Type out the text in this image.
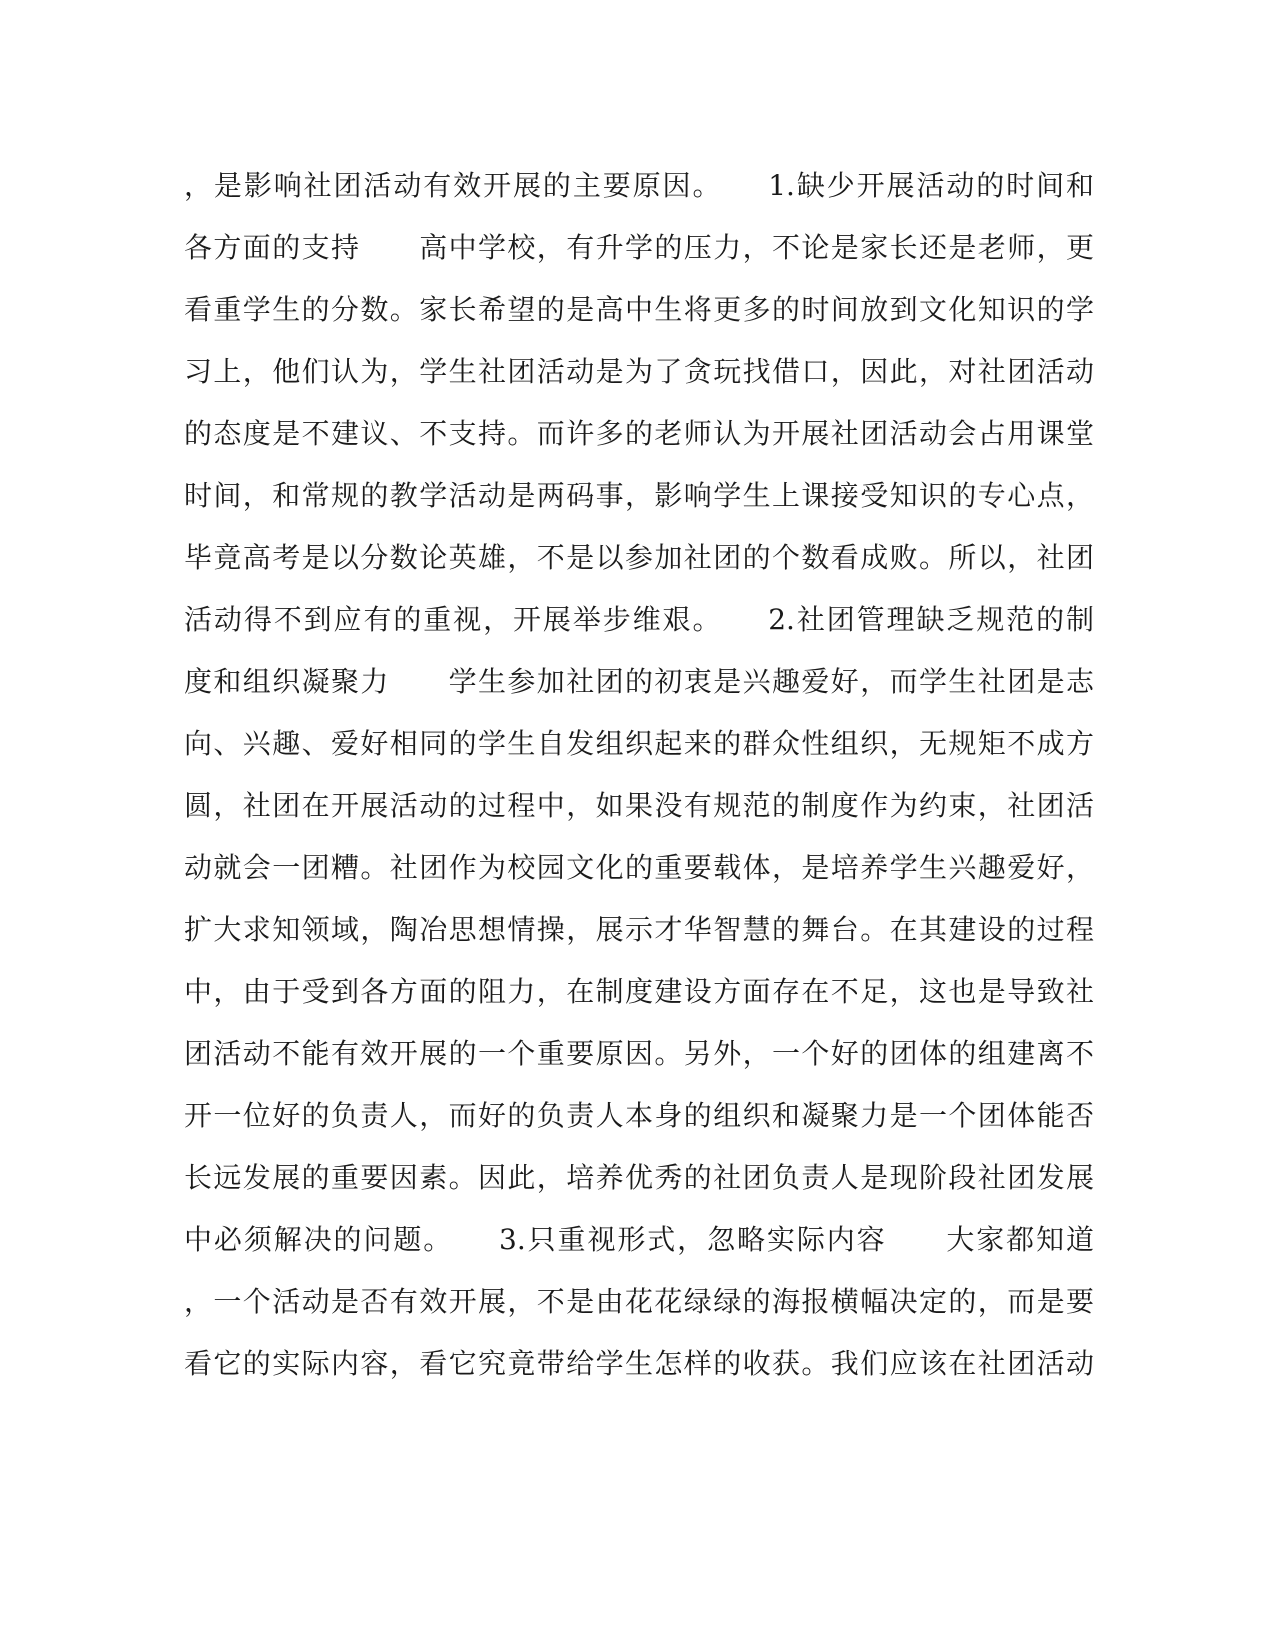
，是影响社团活动有效开展的主要原因。　　1.缺少开展活动的时间和
各方面的支持　　高中学校，有升学的压力，不论是家长还是老师，更
看重学生的分数。家长希望的是高中生将更多的时间放到文化知识的学
习上，他们认为，学生社团活动是为了贪玩找借口，因此，对社团活动
的态度是不建议、不支持。而许多的老师认为开展社团活动会占用课堂
时间，和常规的教学活动是两码事，影响学生上课接受知识的专心点，
毕竟高考是以分数论英雄，不是以参加社团的个数看成败。所以，社团
活动得不到应有的重视，开展举步维艰。　　2.社团管理缺乏规范的制
度和组织凝聚力　　学生参加社团的初衷是兴趣爱好，而学生社团是志
向、兴趣、爱好相同的学生自发组织起来的群众性组织，无规矩不成方
圆，社团在开展活动的过程中，如果没有规范的制度作为约束，社团活
动就会一团糟。社团作为校园文化的重要载体，是培养学生兴趣爱好，
扩大求知领域，陶冶思想情操，展示才华智慧的舞台。在其建设的过程
中，由于受到各方面的阻力，在制度建设方面存在不足，这也是导致社
团活动不能有效开展的一个重要原因。另外，一个好的团体的组建离不
开一位好的负责人，而好的负责人本身的组织和凝聚力是一个团体能否
长远发展的重要因素。因此，培养优秀的社团负责人是现阶段社团发展
中必须解决的问题。　　3.只重视形式，忽略实际内容　　大家都知道
，一个活动是否有效开展，不是由花花绿绿的海报横幅决定的，而是要
看它的实际内容，看它究竟带给学生怎样的收获。我们应该在社团活动
